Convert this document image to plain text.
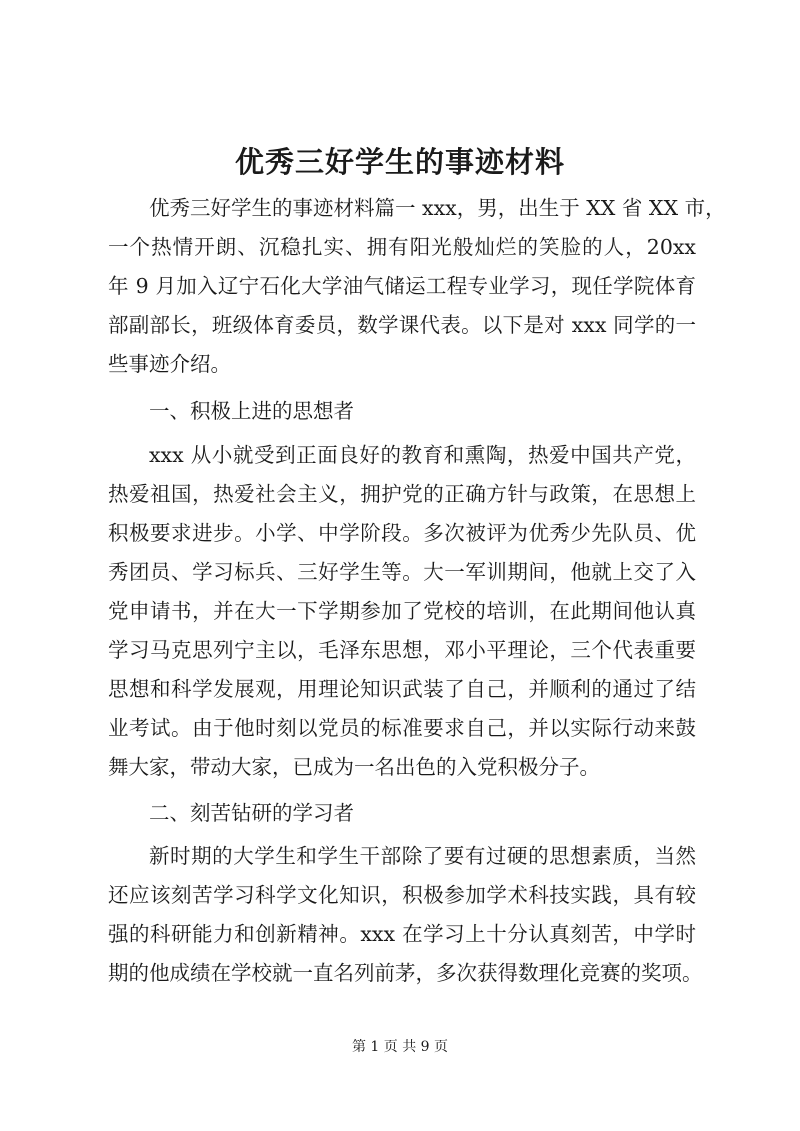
优秀三好学生的事迹材料
优秀三好学生的事迹材料篇一 xxx，男，出生于 XX 省 XX 市，
一个热情开朗、沉稳扎实、拥有阳光般灿烂的笑脸的人，20xx
年 9 月加入辽宁石化大学油气储运工程专业学习，现任学院体育
部副部长，班级体育委员，数学课代表。以下是对 xxx 同学的一
些事迹介绍。
一、积极上进的思想者
xxx 从小就受到正面良好的教育和熏陶，热爱中国共产党，
热爱祖国，热爱社会主义，拥护党的正确方针与政策，在思想上
积极要求进步。小学、中学阶段。多次被评为优秀少先队员、优
秀团员、学习标兵、三好学生等。大一军训期间，他就上交了入
党申请书，并在大一下学期参加了党校的培训，在此期间他认真
学习马克思列宁主以，毛泽东思想，邓小平理论，三个代表重要
思想和科学发展观，用理论知识武装了自己，并顺利的通过了结
业考试。由于他时刻以党员的标准要求自己，并以实际行动来鼓
舞大家，带动大家，已成为一名出色的入党积极分子。
二、刻苦钻研的学习者
新时期的大学生和学生干部除了要有过硬的思想素质，当然
还应该刻苦学习科学文化知识，积极参加学术科技实践，具有较
强的科研能力和创新精神。xxx 在学习上十分认真刻苦，中学时
期的他成绩在学校就一直名列前茅，多次获得数理化竞赛的奖项。
第 1 页 共 9 页
